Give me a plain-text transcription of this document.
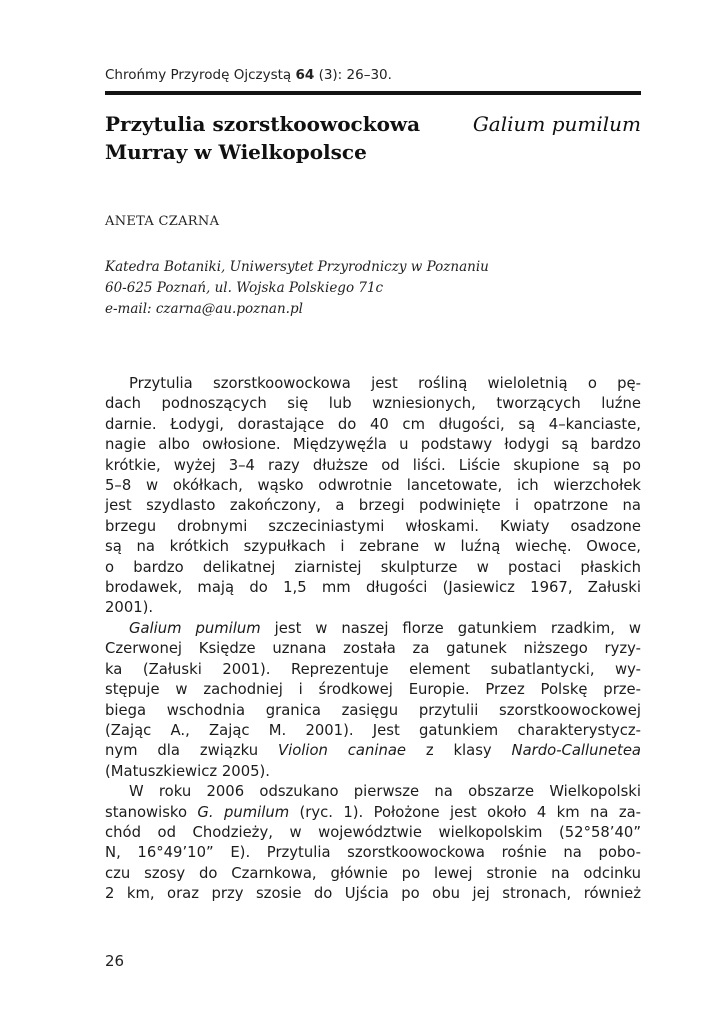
Chrońmy Przyrodę Ojczystą 64 (3): 26–30.
Przytulia szorstkoowockowa	Galium pumilum
Murray w Wielkopolsce
ANETA CZARNA
Katedra Botaniki, Uniwersytet Przyrodniczy w Poznaniu
60-625 Poznań, ul. Wojska Polskiego 71c
e-mail: czarna@au.poznan.pl
Przytulia szorstkoowockowa jest rośliną wieloletnią o pę-
dach podnoszących się lub wzniesionych, tworzących luźne
darnie. Łodygi, dorastające do 40 cm długości, są 4–kanciaste,
nagie albo owłosione. Międzywęźla u podstawy łodygi są bardzo
krótkie, wyżej 3–4 razy dłuższe od liści. Liście skupione są po
5–8 w okółkach, wąsko odwrotnie lancetowate, ich wierzchołek
jest szydlasto zakończony, a brzegi podwinięte i opatrzone na
brzegu drobnymi szczeciniastymi włoskami. Kwiaty osadzone
są na krótkich szypułkach i zebrane w luźną wiechę. Owoce,
o bardzo delikatnej ziarnistej skulpturze w postaci płaskich
brodawek, mają do 1,5 mm długości (Jasiewicz 1967, Załuski
2001).
Galium pumilum jest w naszej florze gatunkiem rzadkim, w
Czerwonej Księdze uznana została za gatunek niższego ryzy-
ka (Załuski 2001). Reprezentuje element subatlantycki, wy-
stępuje w zachodniej i środkowej Europie. Przez Polskę prze-
biega wschodnia granica zasięgu przytulii szorstkoowockowej
(Zając A., Zając M. 2001). Jest gatunkiem charakterystycz-
nym dla związku Violion caninae z klasy Nardo-Callunetea
(Matuszkiewicz 2005).
W roku 2006 odszukano pierwsze na obszarze Wielkopolski
stanowisko G. pumilum (ryc. 1). Położone jest około 4 km na za-
chód od Chodzieży, w województwie wielkopolskim (52°58’40”
N, 16°49’10” E). Przytulia szorstkoowockowa rośnie na pobo-
czu szosy do Czarnkowa, głównie po lewej stronie na odcinku
2 km, oraz przy szosie do Ujścia po obu jej stronach, również
26
